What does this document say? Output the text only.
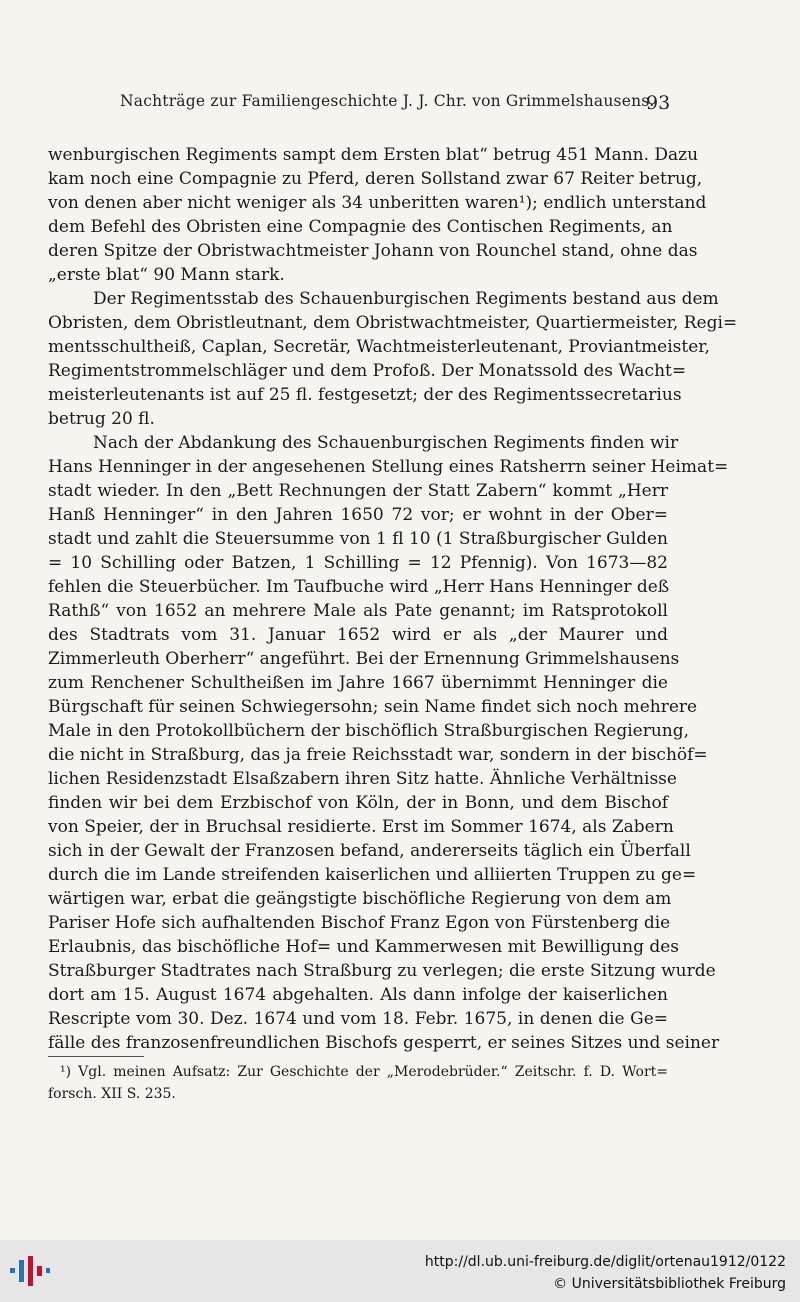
Nachträge zur Familiengeschichte J. J. Chr. von Grimmelshausens.
93
wenburgischen Regiments sampt dem Ersten blat“ betrug 451 Mann. Dazu
kam noch eine Compagnie zu Pferd, deren Sollstand zwar 67 Reiter betrug,
von denen aber nicht weniger als 34 unberitten waren¹); endlich unterstand
dem Befehl des Obristen eine Compagnie des Contischen Regiments, an
deren Spitze der Obristwachtmeister Johann von Rounchel stand, ohne das
„erste blat“ 90 Mann stark.
Der Regimentsstab des Schauenburgischen Regiments bestand aus dem
Obristen, dem Obristleutnant, dem Obristwachtmeister, Quartiermeister, Regi=
mentsschultheiß, Caplan, Secretär, Wachtmeisterleutenant, Proviantmeister,
Regimentstrommelschläger und dem Profoß. Der Monatssold des Wacht=
meisterleutenants ist auf 25 fl. festgesetzt; der des Regimentssecretarius
betrug 20 fl.
Nach der Abdankung des Schauenburgischen Regiments finden wir
Hans Henninger in der angesehenen Stellung eines Ratsherrn seiner Heimat=
stadt wieder. In den „Bett Rechnungen der Statt Zabern“ kommt „Herr
Hanß Henninger“ in den Jahren 1650 72 vor; er wohnt in der Ober=
stadt und zahlt die Steuersumme von 1 fl 10 (1 Straßburgischer Gulden
= 10 Schilling oder Batzen, 1 Schilling = 12 Pfennig). Von 1673—82
fehlen die Steuerbücher. Im Taufbuche wird „Herr Hans Henninger deß
Rathß“ von 1652 an mehrere Male als Pate genannt; im Ratsprotokoll
des Stadtrats vom 31. Januar 1652 wird er als „der Maurer und
Zimmerleuth Oberherr“ angeführt. Bei der Ernennung Grimmelshausens
zum Renchener Schultheißen im Jahre 1667 übernimmt Henninger die
Bürgschaft für seinen Schwiegersohn; sein Name findet sich noch mehrere
Male in den Protokollbüchern der bischöflich Straßburgischen Regierung,
die nicht in Straßburg, das ja freie Reichsstadt war, sondern in der bischöf=
lichen Residenzstadt Elsaßzabern ihren Sitz hatte. Ähnliche Verhältnisse
finden wir bei dem Erzbischof von Köln, der in Bonn, und dem Bischof
von Speier, der in Bruchsal residierte. Erst im Sommer 1674, als Zabern
sich in der Gewalt der Franzosen befand, andererseits täglich ein Überfall
durch die im Lande streifenden kaiserlichen und alliierten Truppen zu ge=
wärtigen war, erbat die geängstigte bischöfliche Regierung von dem am
Pariser Hofe sich aufhaltenden Bischof Franz Egon von Fürstenberg die
Erlaubnis, das bischöfliche Hof= und Kammerwesen mit Bewilligung des
Straßburger Stadtrates nach Straßburg zu verlegen; die erste Sitzung wurde
dort am 15. August 1674 abgehalten. Als dann infolge der kaiserlichen
Rescripte vom 30. Dez. 1674 und vom 18. Febr. 1675, in denen die Ge=
fälle des franzosenfreundlichen Bischofs gesperrt, er seines Sitzes und seiner
¹) Vgl. meinen Aufsatz: Zur Geschichte der „Merodebrüder.“ Zeitschr. f. D. Wort=
forsch. XII S. 235.
http://dl.ub.uni-freiburg.de/diglit/ortenau1912/0122
© Universitätsbibliothek Freiburg
